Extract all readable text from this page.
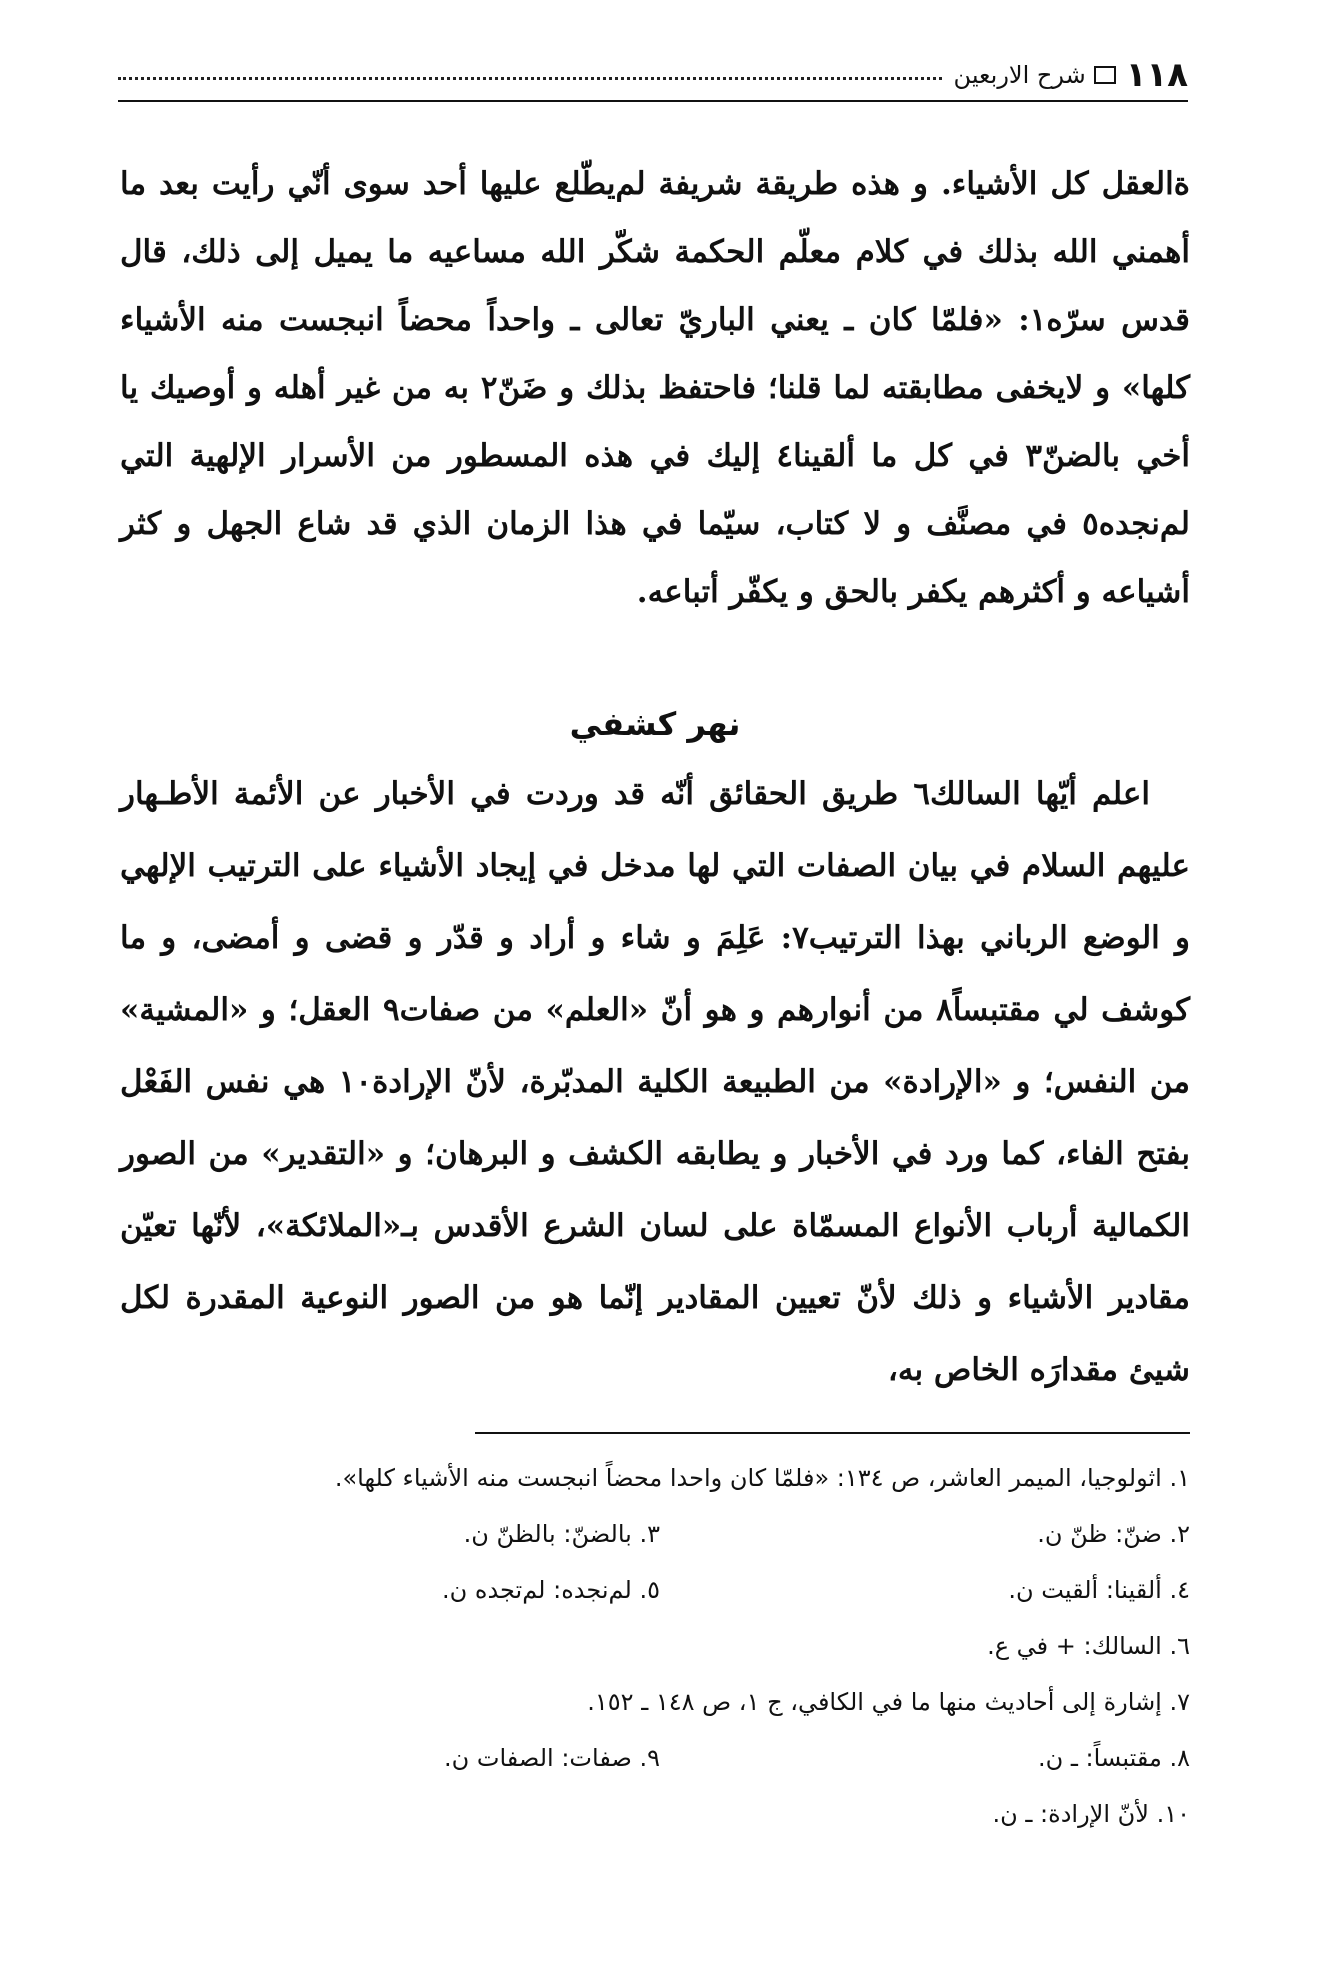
١١٨
شرح الاربعين

ةالعقل كل الأشياء. و هذه طريقة شريفة لم‌يطّلع عليها أحد سوى أنّي رأيت بعد ما أهمني الله بذلك في كلام معلّم الحكمة شكّر الله مساعيه ما يميل إلى ذلك، قال قدس سرّه١: «فلمّا كان ـ يعني الباريّ تعالى ـ واحداً محضاً انبجست منه الأشياء كلها» و لايخفى مطابقته لما قلنا؛ فاحتفظ بذلك و ضَنّ٢ به من غير أهله و أوصيك يا أخي بالضنّ٣ في كل ما ألقينا٤ إليك في هذه المسطور من الأسرار الإلهية التي لم‌نجده٥ في مصنَّف و لا كتاب، سيّما في هذا الزمان الذي قد شاع الجهل و كثر أشياعه و أكثرهم يكفر بالحق و يكفّر أتباعه.

نهر كشفي

اعلم أيّها السالك٦ طريق الحقائق أنّه قد وردت في الأخبار عن الأئمة الأطـهار عليهم السلام في بيان الصفات التي لها مدخل في إيجاد الأشياء على الترتيب الإلهي و الوضع الرباني بهذا الترتيب٧: عَلِمَ و شاء و أراد و قدّر و قضى و أمضى، و ما كوشف لي مقتبساً٨ من أنوارهم و هو أنّ «العلم» من صفات٩ العقل؛ و «المشية» من النفس؛ و «الإرادة» من الطبيعة الكلية المدبّرة، لأنّ الإرادة١٠ هي نفس الفَعْل بفتح الفاء، كما ورد في الأخبار و يطابقه الكشف و البرهان؛ و «التقدير» من الصور الكمالية أرباب الأنواع المسمّاة على لسان الشرع الأقدس بـ«الملائكة»، لأنّها تعيّن مقادير الأشياء و ذلك لأنّ تعيين المقادير إنّما هو من الصور النوعية المقدرة لكل شيئ مقدارَه الخاص به،

١. اثولوجيا، الميمر العاشر، ص ١٣٤: «فلمّا كان واحدا محضاً انبجست منه الأشياء كلها».
٢. ضنّ: ظنّ ن.
٣. بالضنّ: بالظنّ ن.
٤. ألقينا: ألقيت ن.
٥. لم‌نجده: لم‌تجده ن.
٦. السالك: + في ع.
٧. إشارة إلى أحاديث منها ما في الكافي، ج ١، ص ١٤٨ ـ ١٥٢.
٨. مقتبساً: ـ ن.
٩. صفات: الصفات ن.
١٠. لأنّ الإرادة: ـ ن.
